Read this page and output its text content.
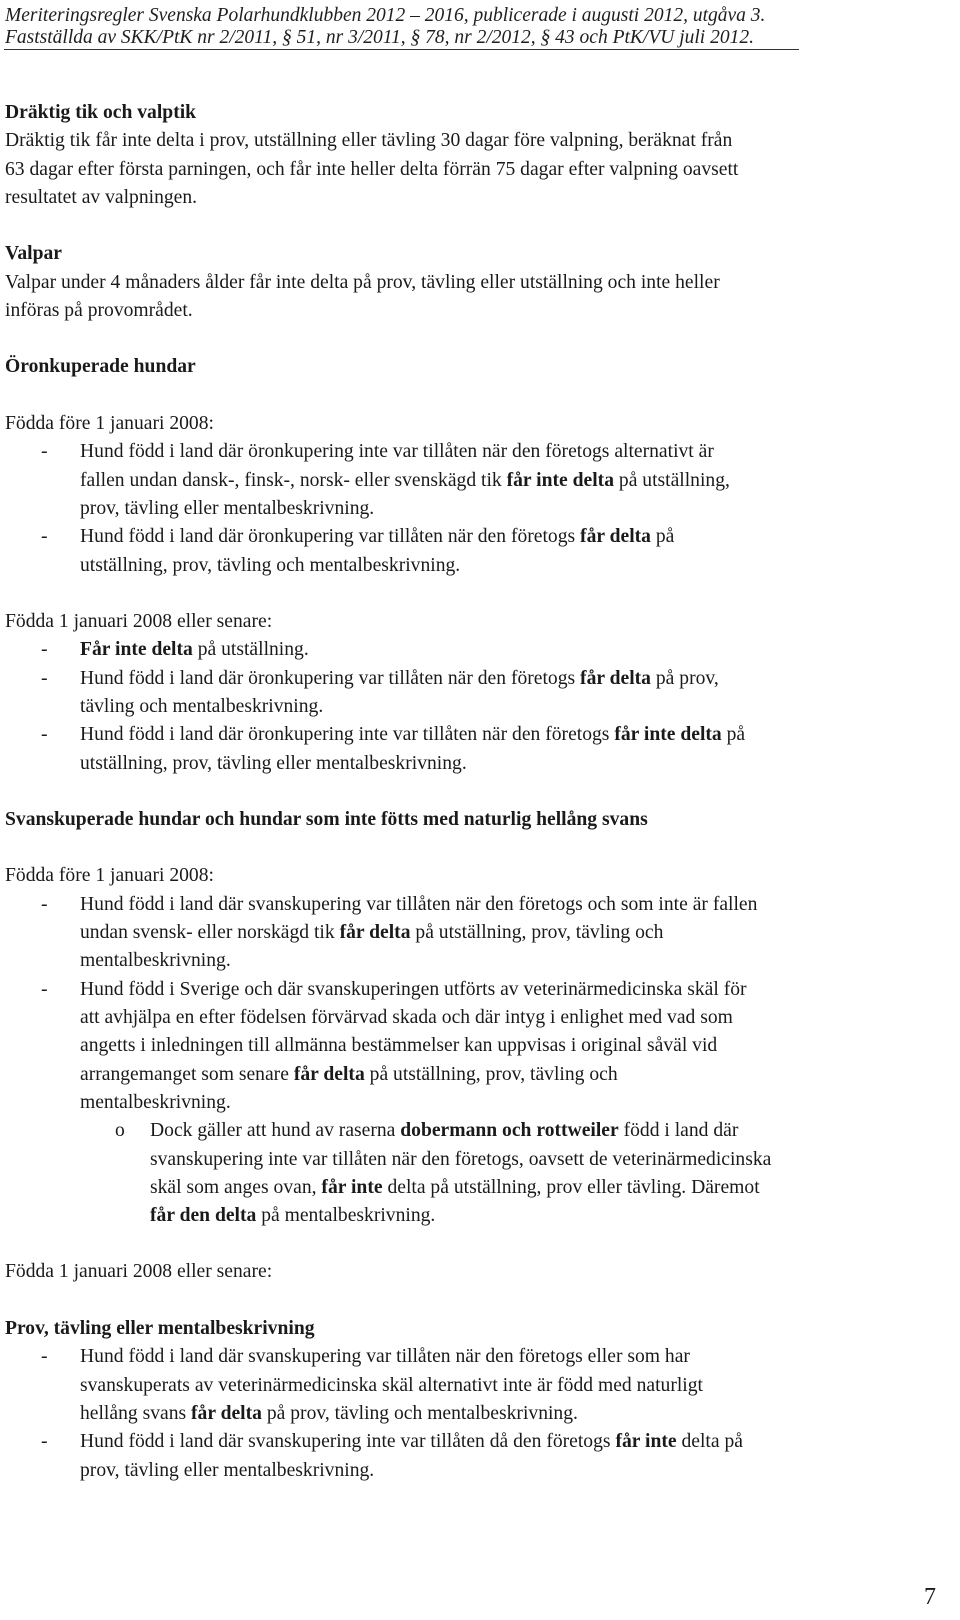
Meriteringsregler Svenska Polarhundklubben 2012 – 2016, publicerade i augusti 2012, utgåva 3.
Fastställda av SKK/PtK nr 2/2011, § 51, nr 3/2011, § 78, nr 2/2012, § 43 och PtK/VU juli 2012.
Dräktig tik och valptik
Dräktig tik får inte delta i prov, utställning eller tävling 30 dagar före valpning, beräknat från
63 dagar efter första parningen, och får inte heller delta förrän 75 dagar efter valpning oavsett
resultatet av valpningen.
Valpar
Valpar under 4 månaders ålder får inte delta på prov, tävling eller utställning och inte heller
införas på provområdet.
Öronkuperade hundar
Födda före 1 januari 2008:
- Hund född i land där öronkupering inte var tillåten när den företogs alternativt är
fallen undan dansk-, finsk-, norsk- eller svenskägd tik får inte delta på utställning,
prov, tävling eller mentalbeskrivning.
- Hund född i land där öronkupering var tillåten när den företogs får delta på
utställning, prov, tävling och mentalbeskrivning.
Födda 1 januari 2008 eller senare:
- Får inte delta på utställning.
- Hund född i land där öronkupering var tillåten när den företogs får delta på prov,
tävling och mentalbeskrivning.
- Hund född i land där öronkupering inte var tillåten när den företogs får inte delta på
utställning, prov, tävling eller mentalbeskrivning.
Svanskuperade hundar och hundar som inte fötts med naturlig hellång svans
Födda före 1 januari 2008:
- Hund född i land där svanskupering var tillåten när den företogs och som inte är fallen
undan svensk- eller norskägd tik får delta på utställning, prov, tävling och
mentalbeskrivning.
- Hund född i Sverige och där svanskuperingen utförts av veterinärmedicinska skäl för
att avhjälpa en efter födelsen förvärvad skada och där intyg i enlighet med vad som
angetts i inledningen till allmänna bestämmelser kan uppvisas i original såväl vid
arrangemanget som senare får delta på utställning, prov, tävling och
mentalbeskrivning.
o Dock gäller att hund av raserna dobermann och rottweiler född i land där
svanskupering inte var tillåten när den företogs, oavsett de veterinärmedicinska
skäl som anges ovan, får inte delta på utställning, prov eller tävling. Däremot
får den delta på mentalbeskrivning.
Födda 1 januari 2008 eller senare:
Prov, tävling eller mentalbeskrivning
- Hund född i land där svanskupering var tillåten när den företogs eller som har
svanskuperats av veterinärmedicinska skäl alternativt inte är född med naturligt
hellång svans får delta på prov, tävling och mentalbeskrivning.
- Hund född i land där svanskupering inte var tillåten då den företogs får inte delta på
prov, tävling eller mentalbeskrivning.
7
